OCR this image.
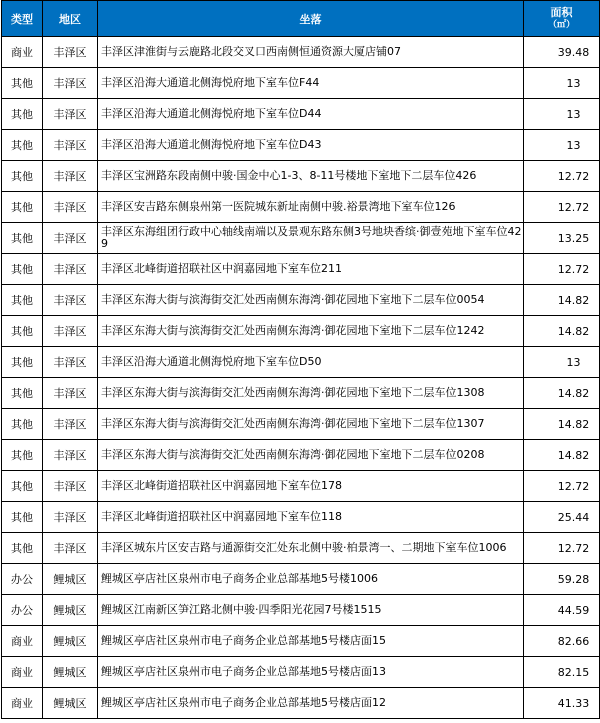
类型	地区	坐落	面积
（㎡）

商业	丰泽区	丰泽区津淮街与云鹿路北段交叉口西南侧恒通资源大厦店铺07	39.48
其他	丰泽区	丰泽区沿海大通道北侧海悦府地下室车位F44	13
其他	丰泽区	丰泽区沿海大通道北侧海悦府地下室车位D44	13
其他	丰泽区	丰泽区沿海大通道北侧海悦府地下室车位D43	13
其他	丰泽区	丰泽区宝洲路东段南侧中骏·国金中心1-3、8-11号楼地下室地下二层车位426	12.72
其他	丰泽区	丰泽区安吉路东侧泉州第一医院城东新址南侧中骏.裕景湾地下室车位126	12.72
其他	丰泽区	丰泽区东海组团行政中心轴线南端以及景观东路东侧3号地块香缤·御壹苑地下室车位429	13.25
其他	丰泽区	丰泽区北峰街道招联社区中润嘉园地下室车位211	12.72
其他	丰泽区	丰泽区东海大街与滨海街交汇处西南侧东海湾·御花园地下室地下二层车位0054	14.82
其他	丰泽区	丰泽区东海大街与滨海街交汇处西南侧东海湾·御花园地下室地下二层车位1242	14.82
其他	丰泽区	丰泽区沿海大通道北侧海悦府地下室车位D50	13
其他	丰泽区	丰泽区东海大街与滨海街交汇处西南侧东海湾·御花园地下室地下二层车位1308	14.82
其他	丰泽区	丰泽区东海大街与滨海街交汇处西南侧东海湾·御花园地下室地下二层车位1307	14.82
其他	丰泽区	丰泽区东海大街与滨海街交汇处西南侧东海湾·御花园地下室地下二层车位0208	14.82
其他	丰泽区	丰泽区北峰街道招联社区中润嘉园地下室车位178	12.72
其他	丰泽区	丰泽区北峰街道招联社区中润嘉园地下室车位118	25.44
其他	丰泽区	丰泽区城东片区安吉路与通源街交汇处东北侧中骏·柏景湾一、二期地下室车位1006	12.72
办公	鲤城区	鲤城区亭店社区泉州市电子商务企业总部基地5号楼1006	59.28
办公	鲤城区	鲤城区江南新区笋江路北侧中骏·四季阳光花园7号楼1515	44.59
商业	鲤城区	鲤城区亭店社区泉州市电子商务企业总部基地5号楼店面15	82.66
商业	鲤城区	鲤城区亭店社区泉州市电子商务企业总部基地5号楼店面13	82.15
商业	鲤城区	鲤城区亭店社区泉州市电子商务企业总部基地5号楼店面12	41.33
